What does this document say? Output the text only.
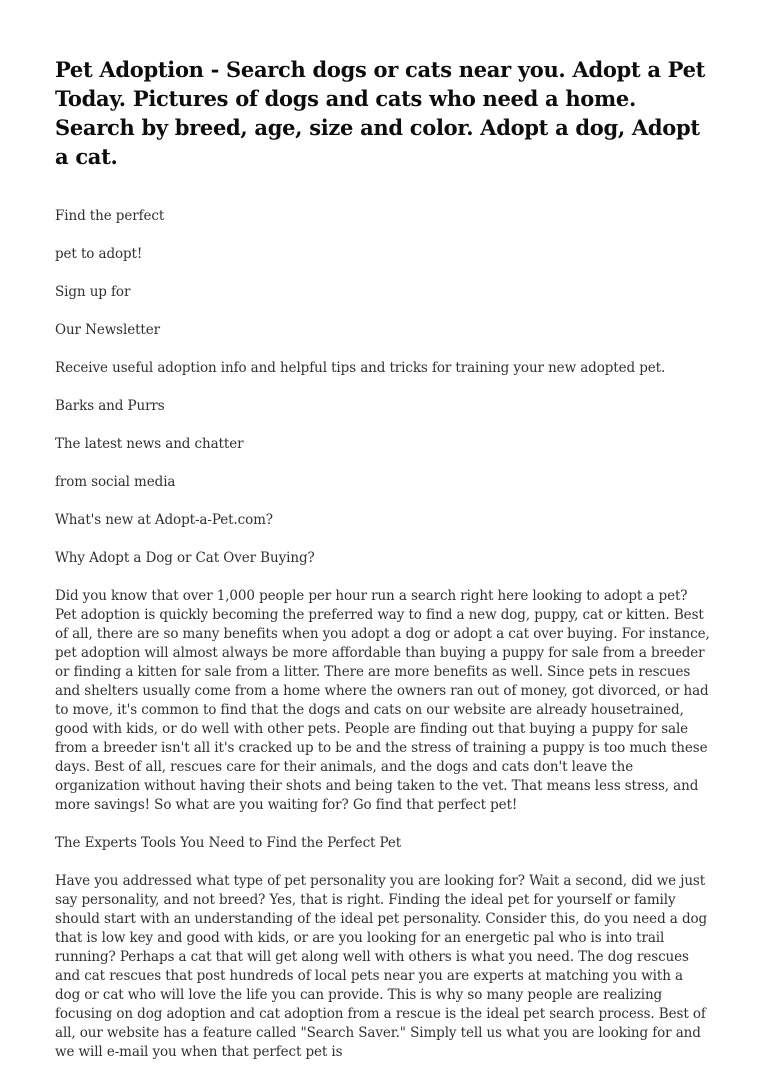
Pet Adoption - Search dogs or cats near you. Adopt a Pet Today. Pictures of dogs and cats who need a home. Search by breed, age, size and color. Adopt a dog, Adopt a cat.

Find the perfect

pet to adopt!

Sign up for

Our Newsletter

Receive useful adoption info and helpful tips and tricks for training your new adopted pet.

Barks and Purrs

The latest news and chatter

from social media

What's new at Adopt-a-Pet.com?

Why Adopt a Dog or Cat Over Buying?

Did you know that over 1,000 people per hour run a search right here looking to adopt a pet? Pet adoption is quickly becoming the preferred way to find a new dog, puppy, cat or kitten. Best of all, there are so many benefits when you adopt a dog or adopt a cat over buying. For instance, pet adoption will almost always be more affordable than buying a puppy for sale from a breeder or finding a kitten for sale from a litter. There are more benefits as well. Since pets in rescues and shelters usually come from a home where the owners ran out of money, got divorced, or had to move, it's common to find that the dogs and cats on our website are already housetrained, good with kids, or do well with other pets. People are finding out that buying a puppy for sale from a breeder isn't all it's cracked up to be and the stress of training a puppy is too much these days. Best of all, rescues care for their animals, and the dogs and cats don't leave the organization without having their shots and being taken to the vet. That means less stress, and more savings! So what are you waiting for? Go find that perfect pet!

The Experts Tools You Need to Find the Perfect Pet

Have you addressed what type of pet personality you are looking for? Wait a second, did we just say personality, and not breed? Yes, that is right. Finding the ideal pet for yourself or family should start with an understanding of the ideal pet personality. Consider this, do you need a dog that is low key and good with kids, or are you looking for an energetic pal who is into trail running? Perhaps a cat that will get along well with others is what you need. The dog rescues and cat rescues that post hundreds of local pets near you are experts at matching you with a dog or cat who will love the life you can provide. This is why so many people are realizing focusing on dog adoption and cat adoption from a rescue is the ideal pet search process. Best of all, our website has a feature called "Search Saver." Simply tell us what you are looking for and we will e-mail you when that perfect pet is
